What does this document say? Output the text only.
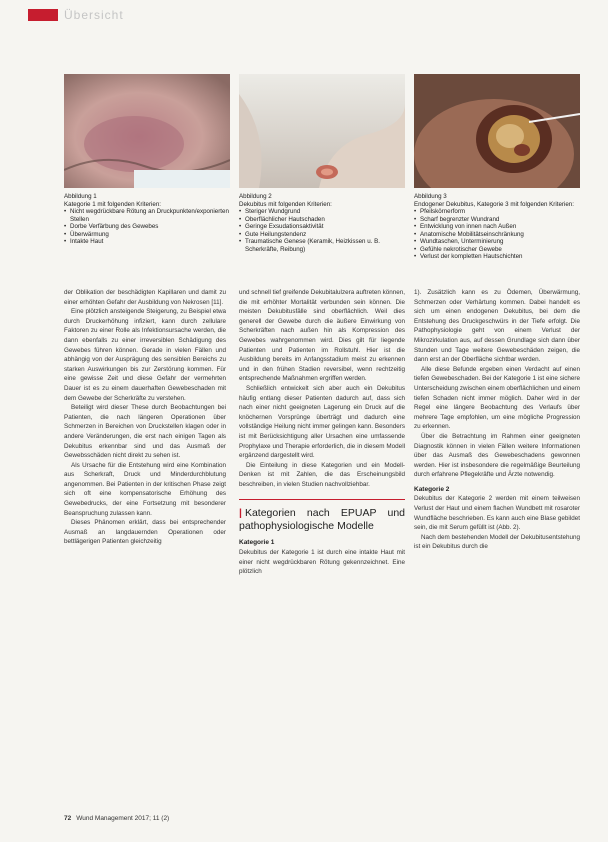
Übersicht
Abbildung 1
Kategorie 1 mit folgenden Kriterien:
• Nicht wegdrückbare Rötung an Druckpunkten/exponierten Stellen
• Dorbe Verfärbung des Gewebes
• Überwärmung
• Intakte Haut
Abbildung 2
Dekubitus mit folgenden Kriterien:
• Steriger Wundgrund
• Oberflächlicher Hautschaden
• Geringe Exsudationsaktivität
• Gute Heilungstendenz
• Traumatische Genese (Keramik, Heizkissen u. B. Scherkräfte, Reibung)
Abbildung 3
Endogener Dekubitus, Kategorie 3 mit folgenden Kriterien:
• Pfeilskörnerform
• Scharf begrenzter Wundrand
• Entwicklung von innen nach Außen
• Anatomische Mobilitätseinschränkung
• Wundtaschen, Unterminierung
• Gefühle nekrotischer Gewebe
• Verlust der kompletten Hautschichten

der Oblikation der beschädigten Kapillaren und damit zu einer erhöhten Gefahr der Ausbildung von Nekrosen [11].

Eine plötzlich ansteigende Steigerung, zu Beispiel etwa durch Druckerhöhung infiziert, kann durch zellulare Faktoren zu einer Rolle als Infektionsursache werden, die dann ebenfalls zu einer irreversiblen Schädigung des Gewebes führen können. Gerade in vielen Fällen und abhängig von der Ausprägung des sensiblen Bereichs zu starken Auswirkungen bis zur Zerstörung kommen. Für eine gewisse Zeit und diese Gefahr der vermehrten Dauer ist es zu einem dauerhaften Gewebeschaden mit dem Gewebe der Scherkräfte zu verstehen.

Beteiligt wird dieser These durch Beobachtungen bei Patienten, die nach längeren Operationen über Schmerzen in Bereichen von Druckstellen klagen oder in andere Veränderungen, die erst nach einigen Tagen als Dekubitus erkennbar sind und das Ausmaß der Gewebsschäden nicht direkt zu sehen ist.

Als Ursache für die Entstehung wird eine Kombination aus Scherkraft, Druck und Minderdurchblutung angenommen. Bei Patienten in der kritischen Phase zeigt sich oft eine kompensatorische Erhöhung des Gewebedrucks, der eine Fortsetzung mit besonderer Beanspruchung zulassen kann.

Dieses Phänomen erklärt, dass bei entsprechender Ausmaß an langdauernden Operationen oder bettlägerigen Patienten gleichzeitig

und schnell tief greifende Dekubitalulzera auftreten können, die mit erhöhter Mortalität verbunden sein können. Die meisten Dekubitusfälle sind oberflächlich. Weil dies generell der Gewebe durch die äußere Einwirkung von Scherkräften nach außen hin als Kompression des Gewebes wahrgenommen wird. Dies gilt für liegende Patienten und Patienten im Rollstuhl. Hier ist die Ausbildung bereits im Anfangsstadium meist zu erkennen und in den frühen Stadien reversibel, wenn rechtzeitig entsprechende Maßnahmen ergriffen werden.

Schließlich entwickelt sich aber auch ein Dekubitus häufig entlang dieser Patienten dadurch auf, dass sich nach einer nicht geeigneten Lagerung ein Druck auf die knöchernen Vorsprünge überträgt und dadurch eine vollständige Heilung nicht immer gelingen kann. Besonders ist mit Berücksichtigung aller Ursachen eine umfassende Prophylaxe und Therapie erforderlich, die in diesem Modell ergänzend dargestellt wird.

Die Einteilung in diese Kategorien und ein Modell-Denken ist mit Zahlen, die das Erscheinungsbild beschreiben, in vielen Studien nachvollziehbar.

| Kategorien nach EPUAP und pathophysiologische Modelle
Kategorie 1

Dekubitus der Kategorie 1 ist durch eine intakte Haut mit einer nicht wegdrückbaren Rötung gekennzeichnet. Eine plötzlich

1). Zusätzlich kann es zu Ödemen, Überwärmung, Schmerzen oder Verhärtung kommen. Dabei handelt es sich um einen endogenen Dekubitus, bei dem die Entstehung des Druckgeschwürs in der Tiefe erfolgt. Die Pathophysiologie geht von einem Verlust der Mikrozirkulation aus, auf dessen Grundlage sich dann über Stunden und Tage weitere Gewebeschäden zeigen, die dann erst an der Oberfläche sichtbar werden.

Alle diese Befunde ergeben einen Verdacht auf einen tiefen Gewebeschaden. Bei der Kategorie 1 ist eine sichere Unterscheidung zwischen einem oberflächlichen und einem tiefen Schaden nicht immer möglich. Daher wird in der Regel eine längere Beobachtung des Verlaufs über mehrere Tage empfohlen, um eine mögliche Progression zu erkennen.

Über die Betrachtung im Rahmen einer geeigneten Diagnostik können in vielen Fällen weitere Informationen über das Ausmaß des Gewebeschadens gewonnen werden. Hier ist insbesondere die regelmäßige Beurteilung durch erfahrene Pflegekräfte und Ärzte notwendig.

Kategorie 2

Dekubitus der Kategorie 2 werden mit einem teilweisen Verlust der Haut und einem flachen Wundbett mit rosaroter Wundfläche beschrieben. Es kann auch eine Blase gebildet sein, die mit Serum gefüllt ist (Abb. 2).

Nach dem bestehenden Modell der Dekubitusentstehung ist ein Dekubitus durch die

72 Wund Management 2017; 11 (2)
